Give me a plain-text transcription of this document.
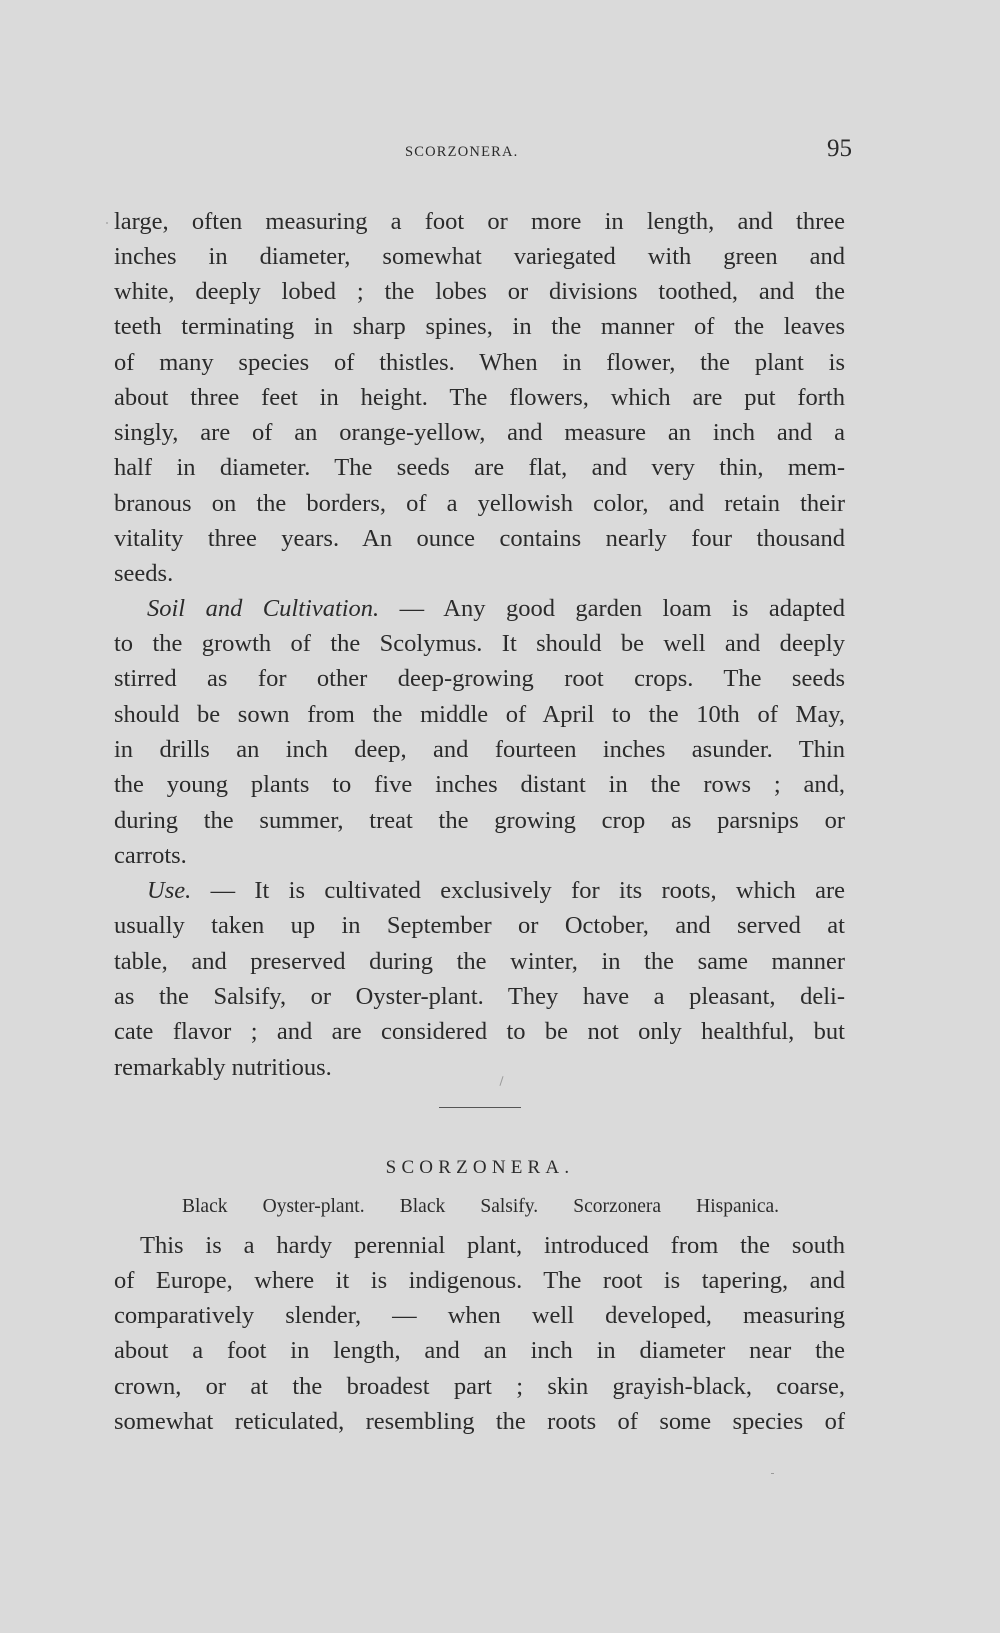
SCORZONERA.	95
large, often measuring a foot or more in length, and three
inches in diameter, somewhat variegated with green and
white, deeply lobed ; the lobes or divisions toothed, and the
teeth terminating in sharp spines, in the manner of the leaves
of many species of thistles. When in flower, the plant is
about three feet in height. The flowers, which are put forth
singly, are of an orange-yellow, and measure an inch and a
half in diameter. The seeds are flat, and very thin, mem-
branous on the borders, of a yellowish color, and retain their
vitality three years. An ounce contains nearly four thousand
seeds.
Soil and Cultivation. — Any good garden loam is adapted
to the growth of the Scolymus. It should be well and deeply
stirred as for other deep-growing root crops. The seeds
should be sown from the middle of April to the 10th of May,
in drills an inch deep, and fourteen inches asunder. Thin
the young plants to five inches distant in the rows ; and,
during the summer, treat the growing crop as parsnips or
carrots.
Use. — It is cultivated exclusively for its roots, which are
usually taken up in September or October, and served at
table, and preserved during the winter, in the same manner
as the Salsify, or Oyster-plant. They have a pleasant, deli-
cate flavor ; and are considered to be not only healthful, but
remarkably nutritious.
SCORZONERA.
Black Oyster-plant. Black Salsify. Scorzonera Hispanica.
This is a hardy perennial plant, introduced from the south
of Europe, where it is indigenous. The root is tapering, and
comparatively slender, — when well developed, measuring
about a foot in length, and an inch in diameter near the
crown, or at the broadest part ; skin grayish-black, coarse,
somewhat reticulated, resembling the roots of some species of
